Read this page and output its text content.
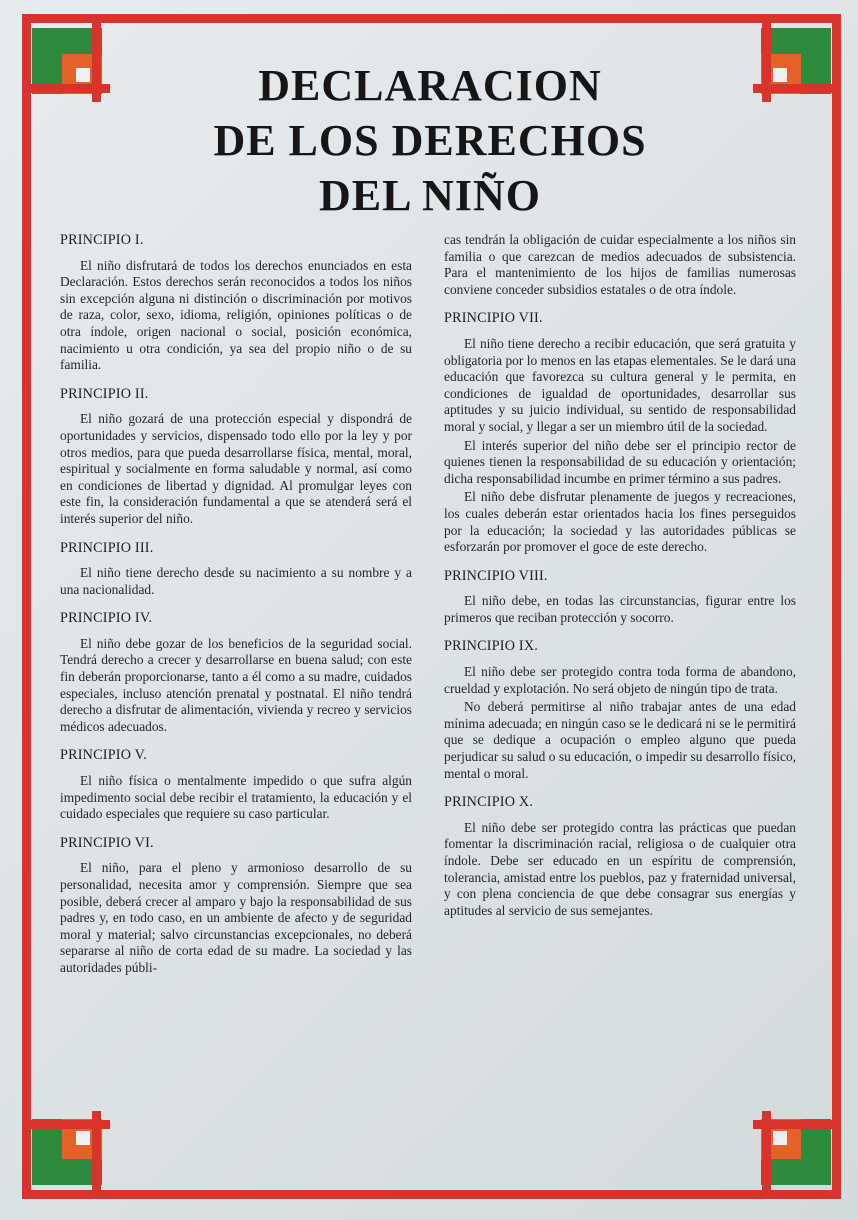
DECLARACION
DE LOS DERECHOS
DEL NIÑO
PRINCIPIO I.

El niño disfrutará de todos los derechos enunciados en esta Declaración. Estos derechos serán reconocidos a todos los niños sin excepción alguna ni distinción o discriminación por motivos de raza, color, sexo, idioma, religión, opiniones políticas o de otra índole, origen nacional o social, posición económica, nacimiento u otra condición, ya sea del propio niño o de su familia.

PRINCIPIO II.

El niño gozará de una protección especial y dispondrá de oportunidades y servicios, dispensado todo ello por la ley y por otros medios, para que pueda desarrollarse física, mental, moral, espiritual y socialmente en forma saludable y normal, así como en condiciones de libertad y dignidad. Al promulgar leyes con este fin, la consideración fundamental a que se atenderá será el interés superior del niño.

PRINCIPIO III.

El niño tiene derecho desde su nacimiento a su nombre y a una nacionalidad.

PRINCIPIO IV.

El niño debe gozar de los beneficios de la seguridad social. Tendrá derecho a crecer y desarrollarse en buena salud; con este fin deberán proporcionarse, tanto a él como a su madre, cuidados especiales, incluso atención prenatal y postnatal. El niño tendrá derecho a disfrutar de alimentación, vivienda y recreo y servicios médicos adecuados.

PRINCIPIO V.

El niño física o mentalmente impedido o que sufra algún impedimento social debe recibir el tratamiento, la educación y el cuidado especiales que requiere su caso particular.

PRINCIPIO VI.

El niño, para el pleno y armonioso desarrollo de su personalidad, necesita amor y comprensión. Siempre que sea posible, deberá crecer al amparo y bajo la responsabilidad de sus padres y, en todo caso, en un ambiente de afecto y de seguridad moral y material; salvo circunstancias excepcionales, no deberá separarse al niño de corta edad de su madre. La sociedad y las autoridades públi-

cas tendrán la obligación de cuidar especialmente a los niños sin familia o que carezcan de medios adecuados de subsistencia. Para el mantenimiento de los hijos de familias numerosas conviene conceder subsidios estatales o de otra índole.

PRINCIPIO VII.

El niño tiene derecho a recibir educación, que será gratuita y obligatoria por lo menos en las etapas elementales. Se le dará una educación que favorezca su cultura general y le permita, en condiciones de igualdad de oportunidades, desarrollar sus aptitudes y su juicio individual, su sentido de responsabilidad moral y social, y llegar a ser un miembro útil de la sociedad.

El interés superior del niño debe ser el principio rector de quienes tienen la responsabilidad de su educación y orientación; dicha responsabilidad incumbe en primer término a sus padres.

El niño debe disfrutar plenamente de juegos y recreaciones, los cuales deberán estar orientados hacia los fines perseguidos por la educación; la sociedad y las autoridades públicas se esforzarán por promover el goce de este derecho.

PRINCIPIO VIII.

El niño debe, en todas las circunstancias, figurar entre los primeros que reciban protección y socorro.

PRINCIPIO IX.

El niño debe ser protegido contra toda forma de abandono, crueldad y explotación. No será objeto de ningún tipo de trata.

No deberá permitirse al niño trabajar antes de una edad mínima adecuada; en ningún caso se le dedicará ni se le permitirá que se dedique a ocupación o empleo alguno que pueda perjudicar su salud o su educación, o impedir su desarrollo físico, mental o moral.

PRINCIPIO X.

El niño debe ser protegido contra las prácticas que puedan fomentar la discriminación racial, religiosa o de cualquier otra índole. Debe ser educado en un espíritu de comprensión, tolerancia, amistad entre los pueblos, paz y fraternidad universal, y con plena conciencia de que debe consagrar sus energías y aptitudes al servicio de sus semejantes.
